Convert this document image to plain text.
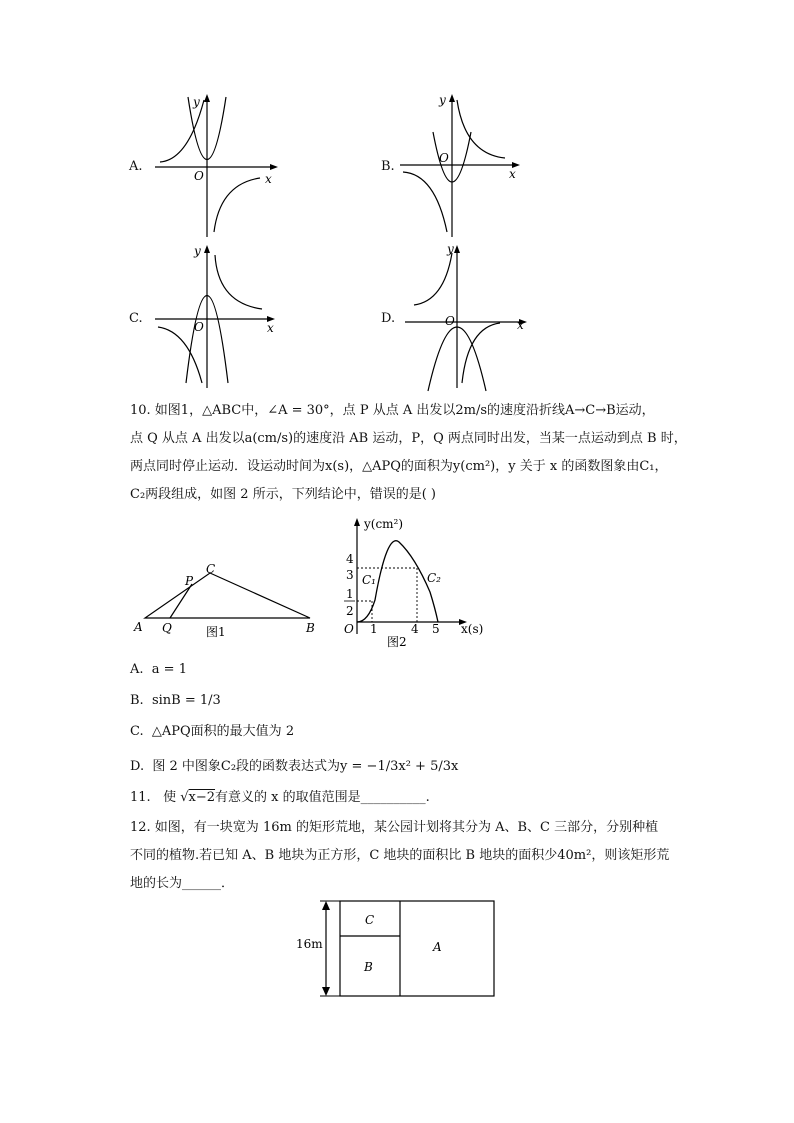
A.
y
x
O
B.
y
x
O
C.
y
x
O
D.
y
x
O
10. 如图1，△ABC中，∠A = 30°，点 P 从点 A 出发以2m/s的速度沿折线A→C→B运动，
点 Q 从点 A 出发以a(cm/s)的速度沿 AB 运动，P，Q 两点同时出发，当某一点运动到点 B 时，
两点同时停止运动．设运动时间为x(s)，△APQ的面积为y(cm²)，y 关于 x 的函数图象由C₁，
C₂两段组成，如图 2 所示，下列结论中，错误的是( )
C
P
A Q	B
图1
y(cm²)
x(s)
O
4
3
1
2
1	4 5
C₁	C₂
图2
A. a = 1
B. sinB = 1/3
C. △APQ面积的最大值为 2
D. 图 2 中图象C₂段的函数表达式为y = −1/3x² + 5/3x
11. 使 √x−2有意义的 x 的取值范围是__________.
12. 如图，有一块宽为 16m 的矩形荒地，某公园计划将其分为 A、B、C 三部分，分别种植
不同的植物.若已知 A、B 地块为正方形，C 地块的面积比 B 地块的面积少40m²，则该矩形荒
地的长为______．
16m
C
B
A
